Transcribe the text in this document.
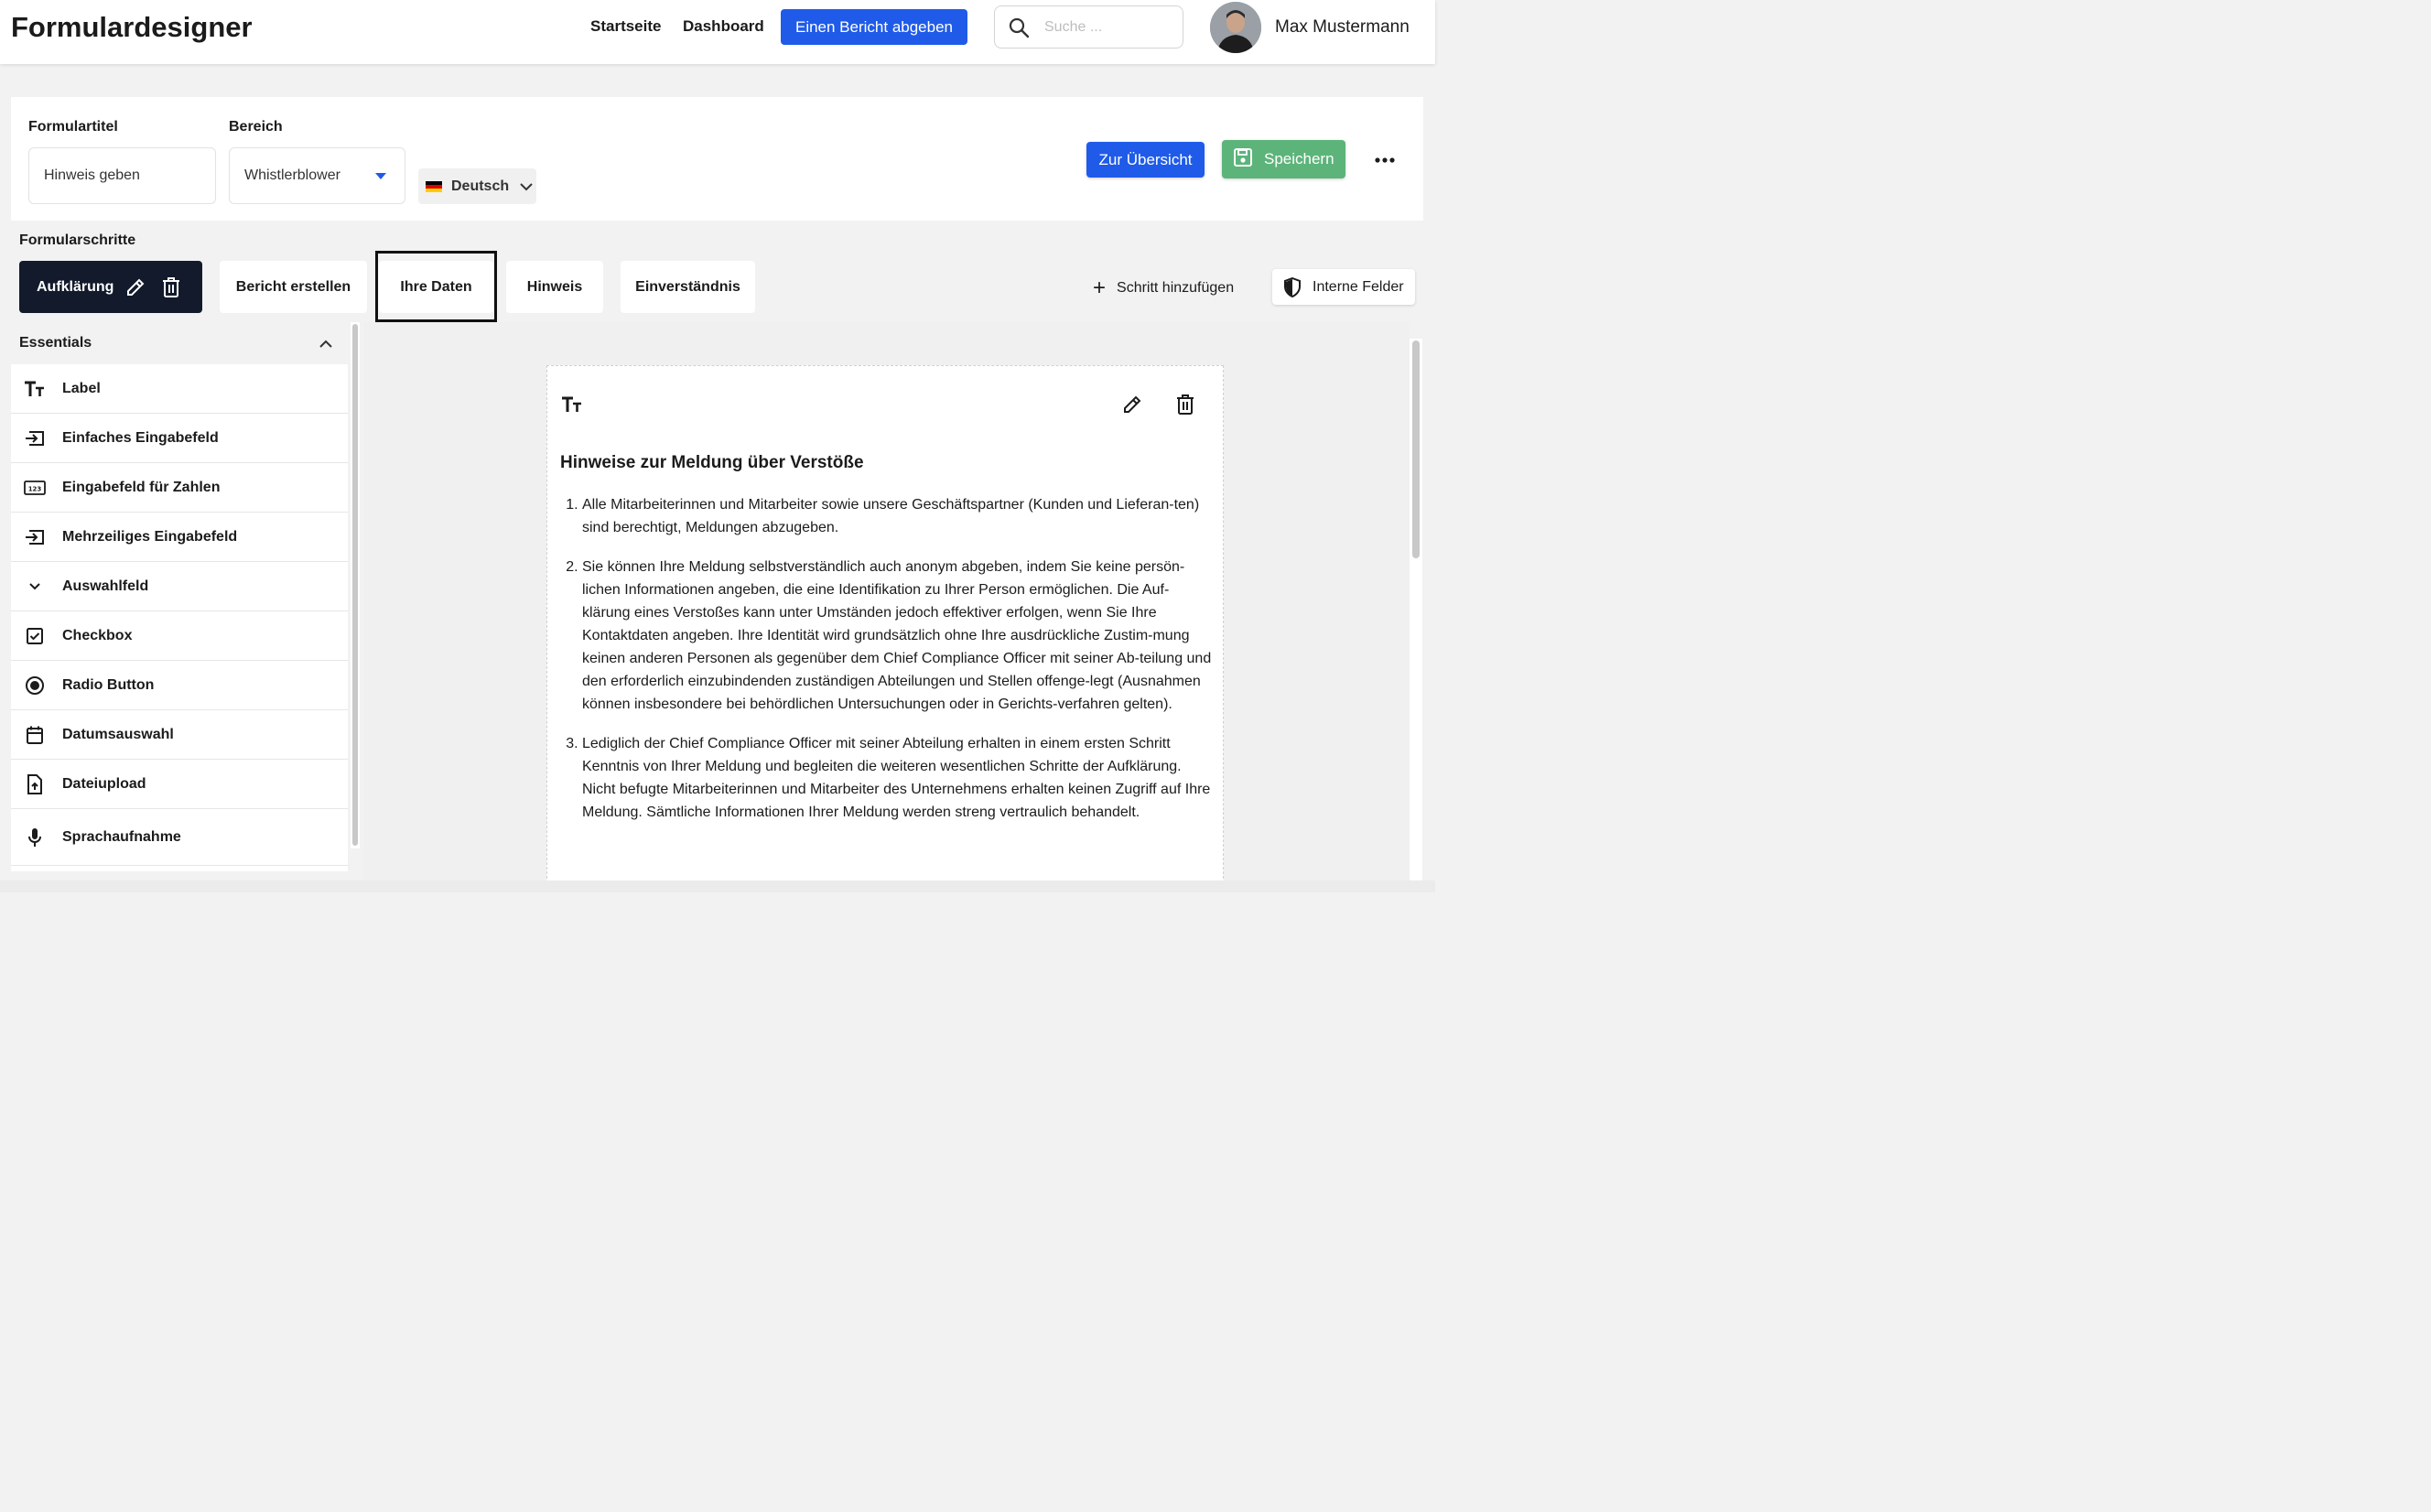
Formulardesigner	Startseite Dashboard	Einen Bericht abgeben
Suche ...	Max Mustermann
Formulartitel
Hinweis geben
Bereich
Whistlerblower
Deutsch
Zur Übersicht	Speichern
Formularschritte
Aufklärung	Bericht erstellen	Ihre Daten	Hinweis	Einverständnis	+ Schritt hinzufügen	Interne Felder
Essentials
Label
Einfaches Eingabefeld
123 Eingabefeld für Zahlen
Mehrzeiliges Eingabefeld
Auswahlfeld
Checkbox
Radio Button
Datumsauswahl
Dateiupload
Sprachaufnahme
Hinweise zur Meldung über Verstöße
1. Alle Mitarbeiterinnen und Mitarbeiter sowie unsere Geschäftspartner (Kunden und Lieferan-ten) sind berechtigt, Meldungen abzugeben.
2. Sie können Ihre Meldung selbstverständlich auch anonym abgeben, indem Sie keine persön-lichen Informationen angeben, die eine Identifikation zu Ihrer Person ermöglichen. Die Auf-klärung eines Verstoßes kann unter Umständen jedoch effektiver erfolgen, wenn Sie Ihre Kontaktdaten angeben. Ihre Identität wird grundsätzlich ohne Ihre ausdrückliche Zustim-mung keinen anderen Personen als gegenüber dem Chief Compliance Officer mit seiner Ab-teilung und den erforderlich einzubindenden zuständigen Abteilungen und Stellen offenge-legt (Ausnahmen können insbesondere bei behördlichen Untersuchungen oder in Gerichts-verfahren gelten).
3. Lediglich der Chief Compliance Officer mit seiner Abteilung erhalten in einem ersten Schritt Kenntnis von Ihrer Meldung und begleiten die weiteren wesentlichen Schritte der Aufklärung. Nicht befugte Mitarbeiterinnen und Mitarbeiter des Unternehmens erhalten keinen Zugriff auf Ihre Meldung. Sämtliche Informationen Ihrer Meldung werden streng vertraulich behandelt.
